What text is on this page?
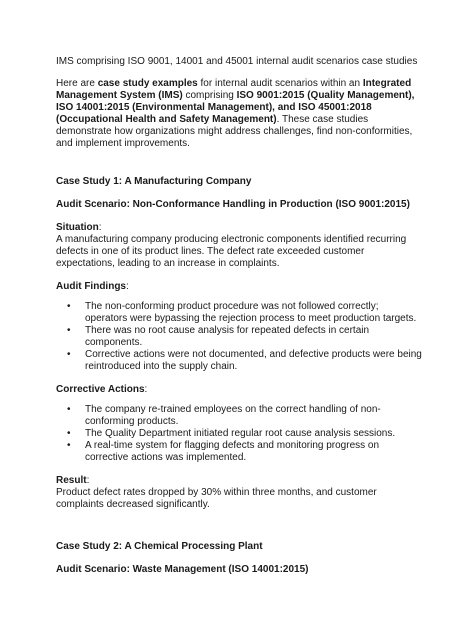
IMS comprising ISO 9001, 14001 and 45001 internal audit scenarios case studies

Here are case study examples for internal audit scenarios within an Integrated Management System (IMS) comprising ISO 9001:2015 (Quality Management), ISO 14001:2015 (Environmental Management), and ISO 45001:2018 (Occupational Health and Safety Management). These case studies demonstrate how organizations might address challenges, find non-conformities, and implement improvements.

Case Study 1: A Manufacturing Company

Audit Scenario: Non-Conformance Handling in Production (ISO 9001:2015)

Situation:

A manufacturing company producing electronic components identified recurring defects in one of its product lines. The defect rate exceeded customer expectations, leading to an increase in complaints.

Audit Findings:

• The non-conforming product procedure was not followed correctly; operators were bypassing the rejection process to meet production targets.
• There was no root cause analysis for repeated defects in certain components.
• Corrective actions were not documented, and defective products were being reintroduced into the supply chain.

Corrective Actions:

• The company re-trained employees on the correct handling of non-conforming products.
• The Quality Department initiated regular root cause analysis sessions.
• A real-time system for flagging defects and monitoring progress on corrective actions was implemented.

Result:

Product defect rates dropped by 30% within three months, and customer complaints decreased significantly.

Case Study 2: A Chemical Processing Plant

Audit Scenario: Waste Management (ISO 14001:2015)
